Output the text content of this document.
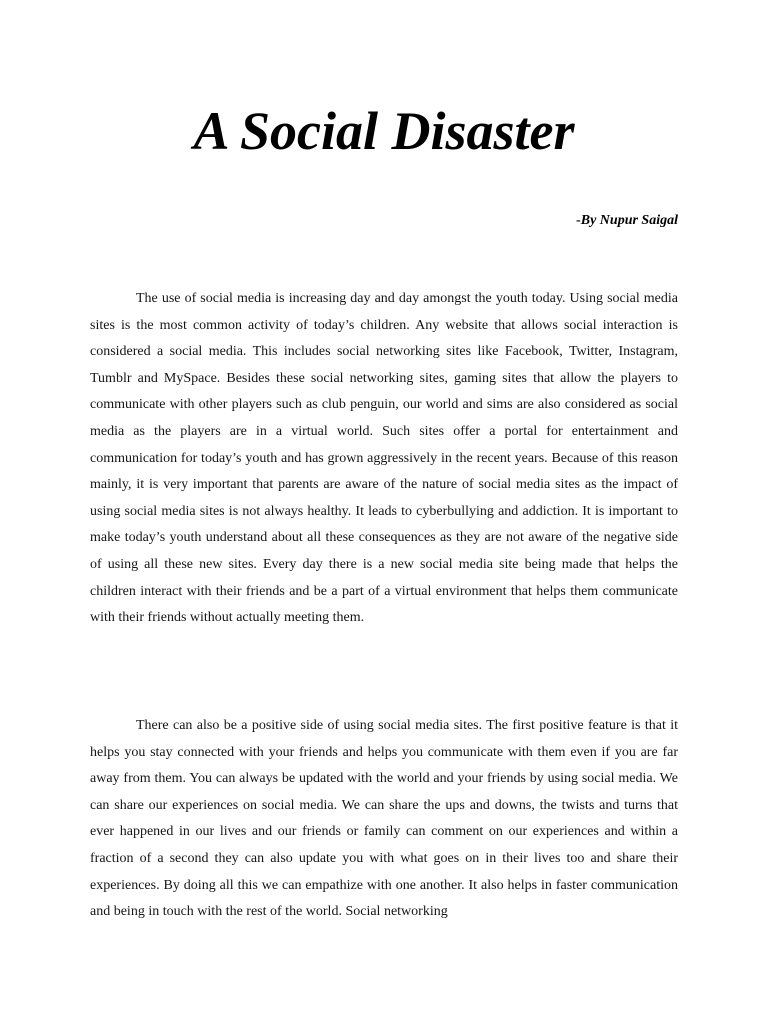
A Social Disaster

-By Nupur Saigal

The use of social media is increasing day and day amongst the youth today. Using social media sites is the most common activity of today’s children. Any website that allows social interaction is considered a social media. This includes social networking sites like Facebook, Twitter, Instagram, Tumblr and MySpace. Besides these social networking sites, gaming sites that allow the players to communicate with other players such as club penguin, our world and sims are also considered as social media as the players are in a virtual world. Such sites offer a portal for entertainment and communication for today’s youth and has grown aggressively in the recent years. Because of this reason mainly, it is very important that parents are aware of the nature of social media sites as the impact of using social media sites is not always healthy. It leads to cyberbullying and addiction. It is important to make today’s youth understand about all these consequences as they are not aware of the negative side of using all these new sites. Every day there is a new social media site being made that helps the children interact with their friends and be a part of a virtual environment that helps them communicate with their friends without actually meeting them.

There can also be a positive side of using social media sites. The first positive feature is that it helps you stay connected with your friends and helps you communicate with them even if you are far away from them. You can always be updated with the world and your friends by using social media. We can share our experiences on social media. We can share the ups and downs, the twists and turns that ever happened in our lives and our friends or family can comment on our experiences and within a fraction of a second they can also update you with what goes on in their lives too and share their experiences. By doing all this we can empathize with one another. It also helps in faster communication and being in touch with the rest of the world. Social networking
